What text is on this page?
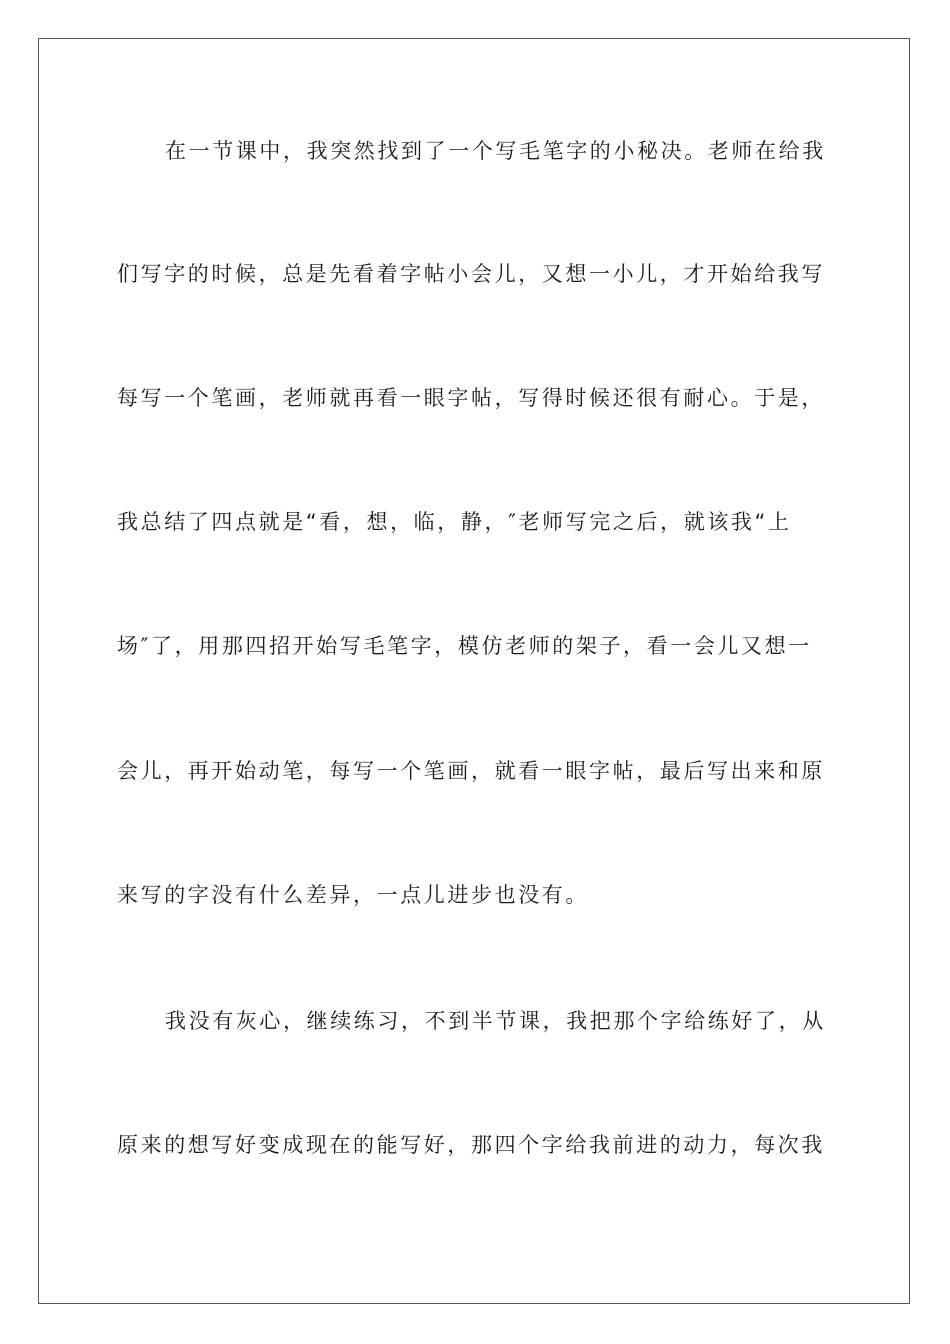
在一节课中，我突然找到了一个写毛笔字的小秘决。老师在给我
们写字的时候，总是先看着字帖小会儿，又想一小儿，才开始给我写
每写一个笔画，老师就再看一眼字帖，写得时候还很有耐心。于是，
我总结了四点就是“看，想，临，静，″老师写完之后，就该我“上
场″了，用那四招开始写毛笔字，模仿老师的架子，看一会儿又想一
会儿，再开始动笔，每写一个笔画，就看一眼字帖，最后写出来和原
来写的字没有什么差异，一点儿进步也没有。
我没有灰心，继续练习，不到半节课，我把那个字给练好了，从
原来的想写好变成现在的能写好，那四个字给我前进的动力，每次我
